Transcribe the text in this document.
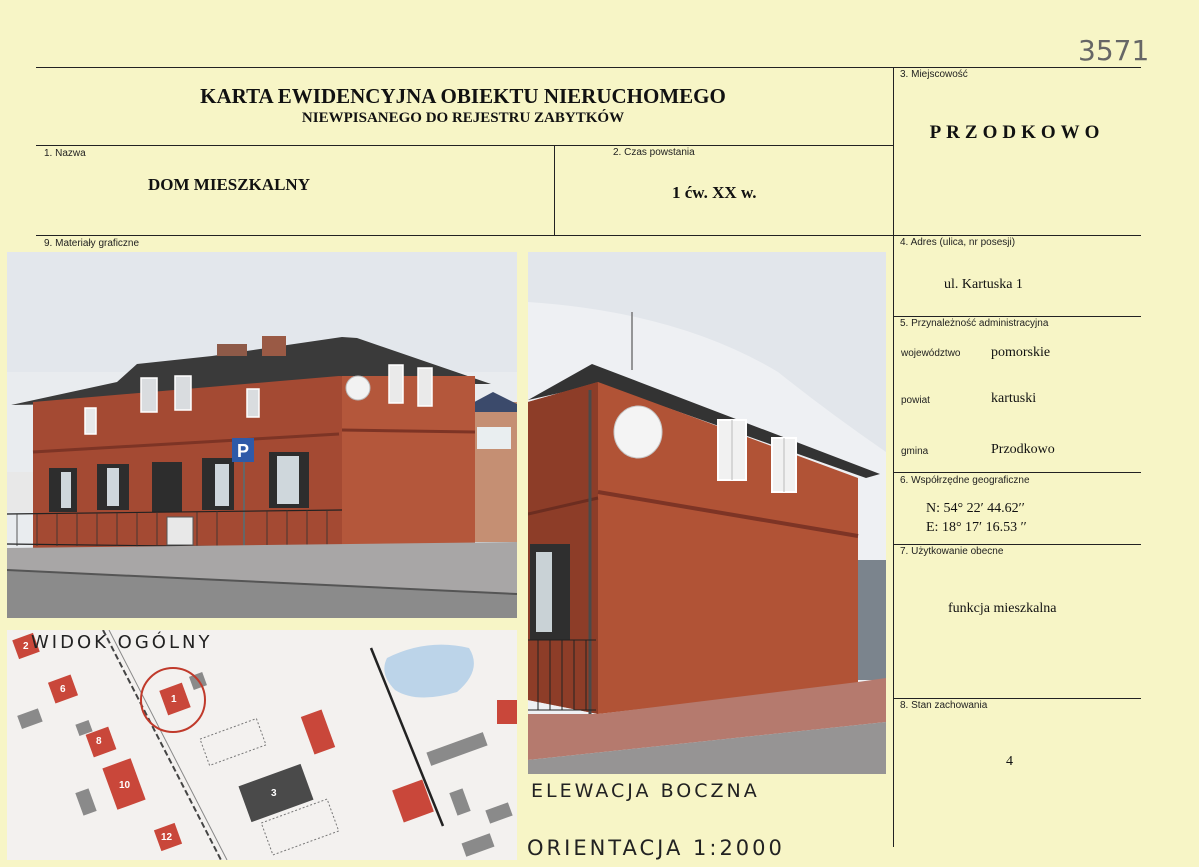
3571
KARTA EWIDENCYJNA OBIEKTU NIERUCHOMEGO
NIEWPISANEGO DO REJESTRU ZABYTKÓW
3. Miejscowość
PRZODKOWO
1. Nazwa
DOM MIESZKALNY
2. Czas powstania
1 ćw. XX w.
4. Adres (ulica, nr posesji)
ul. Kartuska 1
5. Przynależność administracyjna
województwo pomorskie
powiat	kartuski
gmina	Przodkowo
6. Współrzędne geograficzne
N: 54° 22′ 44.62′′
E: 18° 17′ 16.53 ′′
7. Użytkowanie obecne
funkcja mieszkalna
8. Stan zachowania
4
9. Materiały graficzne
P
2
6
1
8
10
3
12
WIDOK OGÓLNY
ELEWACJA BOCZNA
ORIENTACJA 1:2000
